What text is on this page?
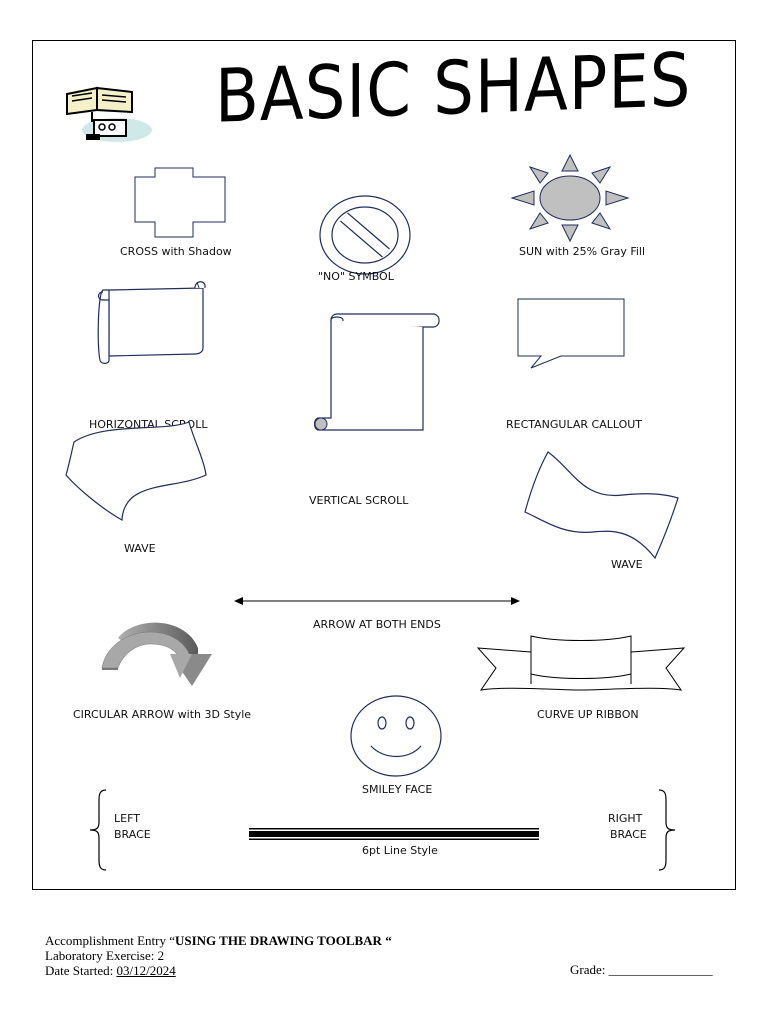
BASIC SHAPES
CROSS with Shadow
"NO" SYMBOL
SUN with 25% Gray Fill
HORIZONTAL SCROLL
VERTICAL SCROLL
RECTANGULAR CALLOUT
WAVE
WAVE
ARROW AT BOTH ENDS
CIRCULAR ARROW with 3D Style	CURVE UP RIBBON
SMILEY FACE
LEFT
BRACE
RIGHT
BRACE
6pt Line Style
Accomplishment Entry “USING THE DRAWING TOOLBAR “
Laboratory Exercise: 2
Date Started: 03/12/2024	Grade: ________________
